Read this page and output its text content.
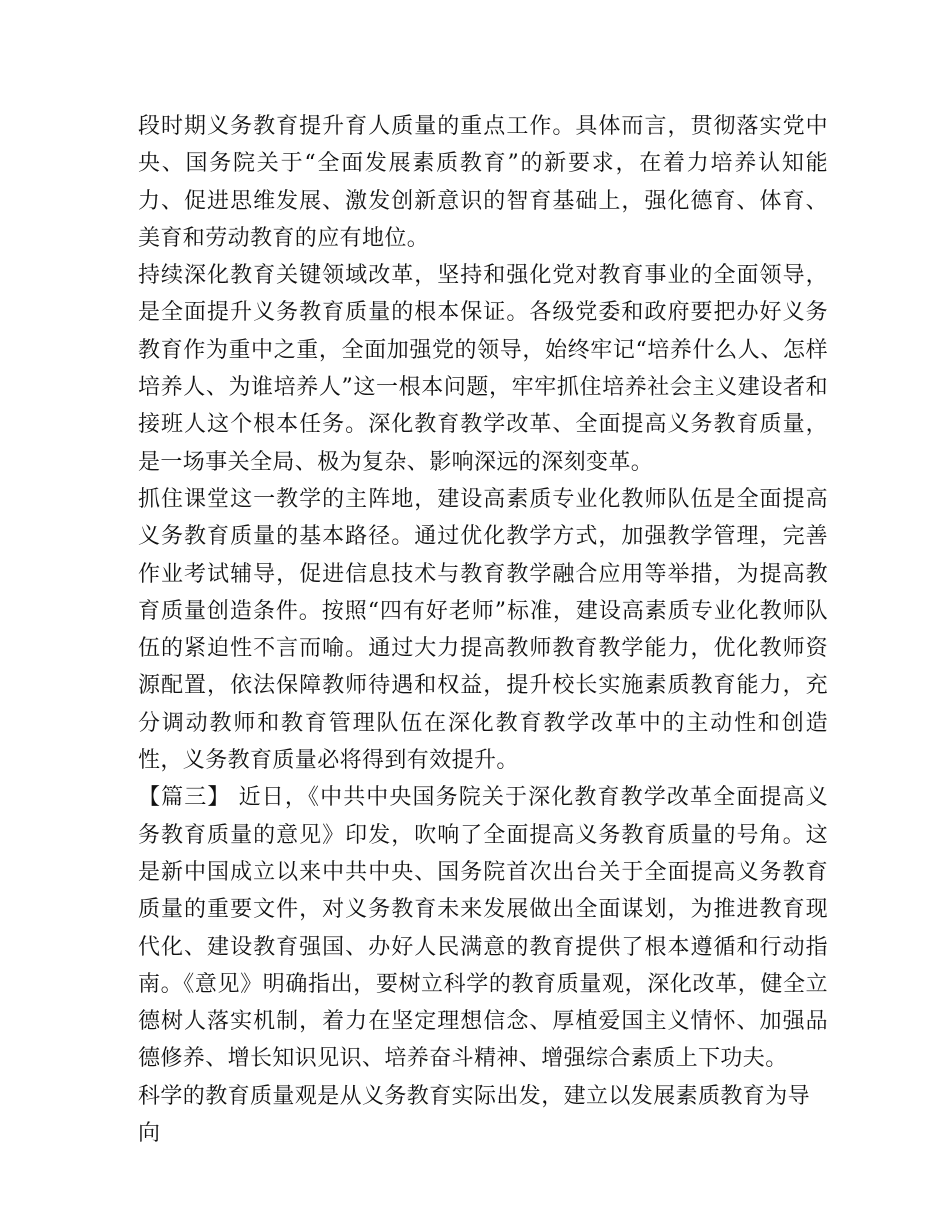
段时期义务教育提升育人质量的重点工作。具体而言，贯彻落实党中央、国务院关于“全面发展素质教育”的新要求，在着力培养认知能力、促进思维发展、激发创新意识的智育基础上，强化德育、体育、美育和劳动教育的应有地位。

持续深化教育关键领域改革，坚持和强化党对教育事业的全面领导，是全面提升义务教育质量的根本保证。各级党委和政府要把办好义务教育作为重中之重，全面加强党的领导，始终牢记“培养什么人、怎样培养人、为谁培养人”这一根本问题，牢牢抓住培养社会主义建设者和接班人这个根本任务。深化教育教学改革、全面提高义务教育质量，是一场事关全局、极为复杂、影响深远的深刻变革。

抓住课堂这一教学的主阵地，建设高素质专业化教师队伍是全面提高义务教育质量的基本路径。通过优化教学方式，加强教学管理，完善作业考试辅导，促进信息技术与教育教学融合应用等举措，为提高教育质量创造条件。按照“四有好老师”标准，建设高素质专业化教师队伍的紧迫性不言而喻。通过大力提高教师教育教学能力，优化教师资源配置，依法保障教师待遇和权益，提升校长实施素质教育能力，充分调动教师和教育管理队伍在深化教育教学改革中的主动性和创造性，义务教育质量必将得到有效提升。

【篇三】 近日，《中共中央国务院关于深化教育教学改革全面提高义务教育质量的意见》印发，吹响了全面提高义务教育质量的号角。这是新中国成立以来中共中央、国务院首次出台关于全面提高义务教育质量的重要文件，对义务教育未来发展做出全面谋划，为推进教育现代化、建设教育强国、办好人民满意的教育提供了根本遵循和行动指南。《意见》明确指出，要树立科学的教育质量观，深化改革，健全立德树人落实机制，着力在坚定理想信念、厚植爱国主义情怀、加强品德修养、增长知识见识、培养奋斗精神、增强综合素质上下功夫。

科学的教育质量观是从义务教育实际出发，建立以发展素质教育为导向
